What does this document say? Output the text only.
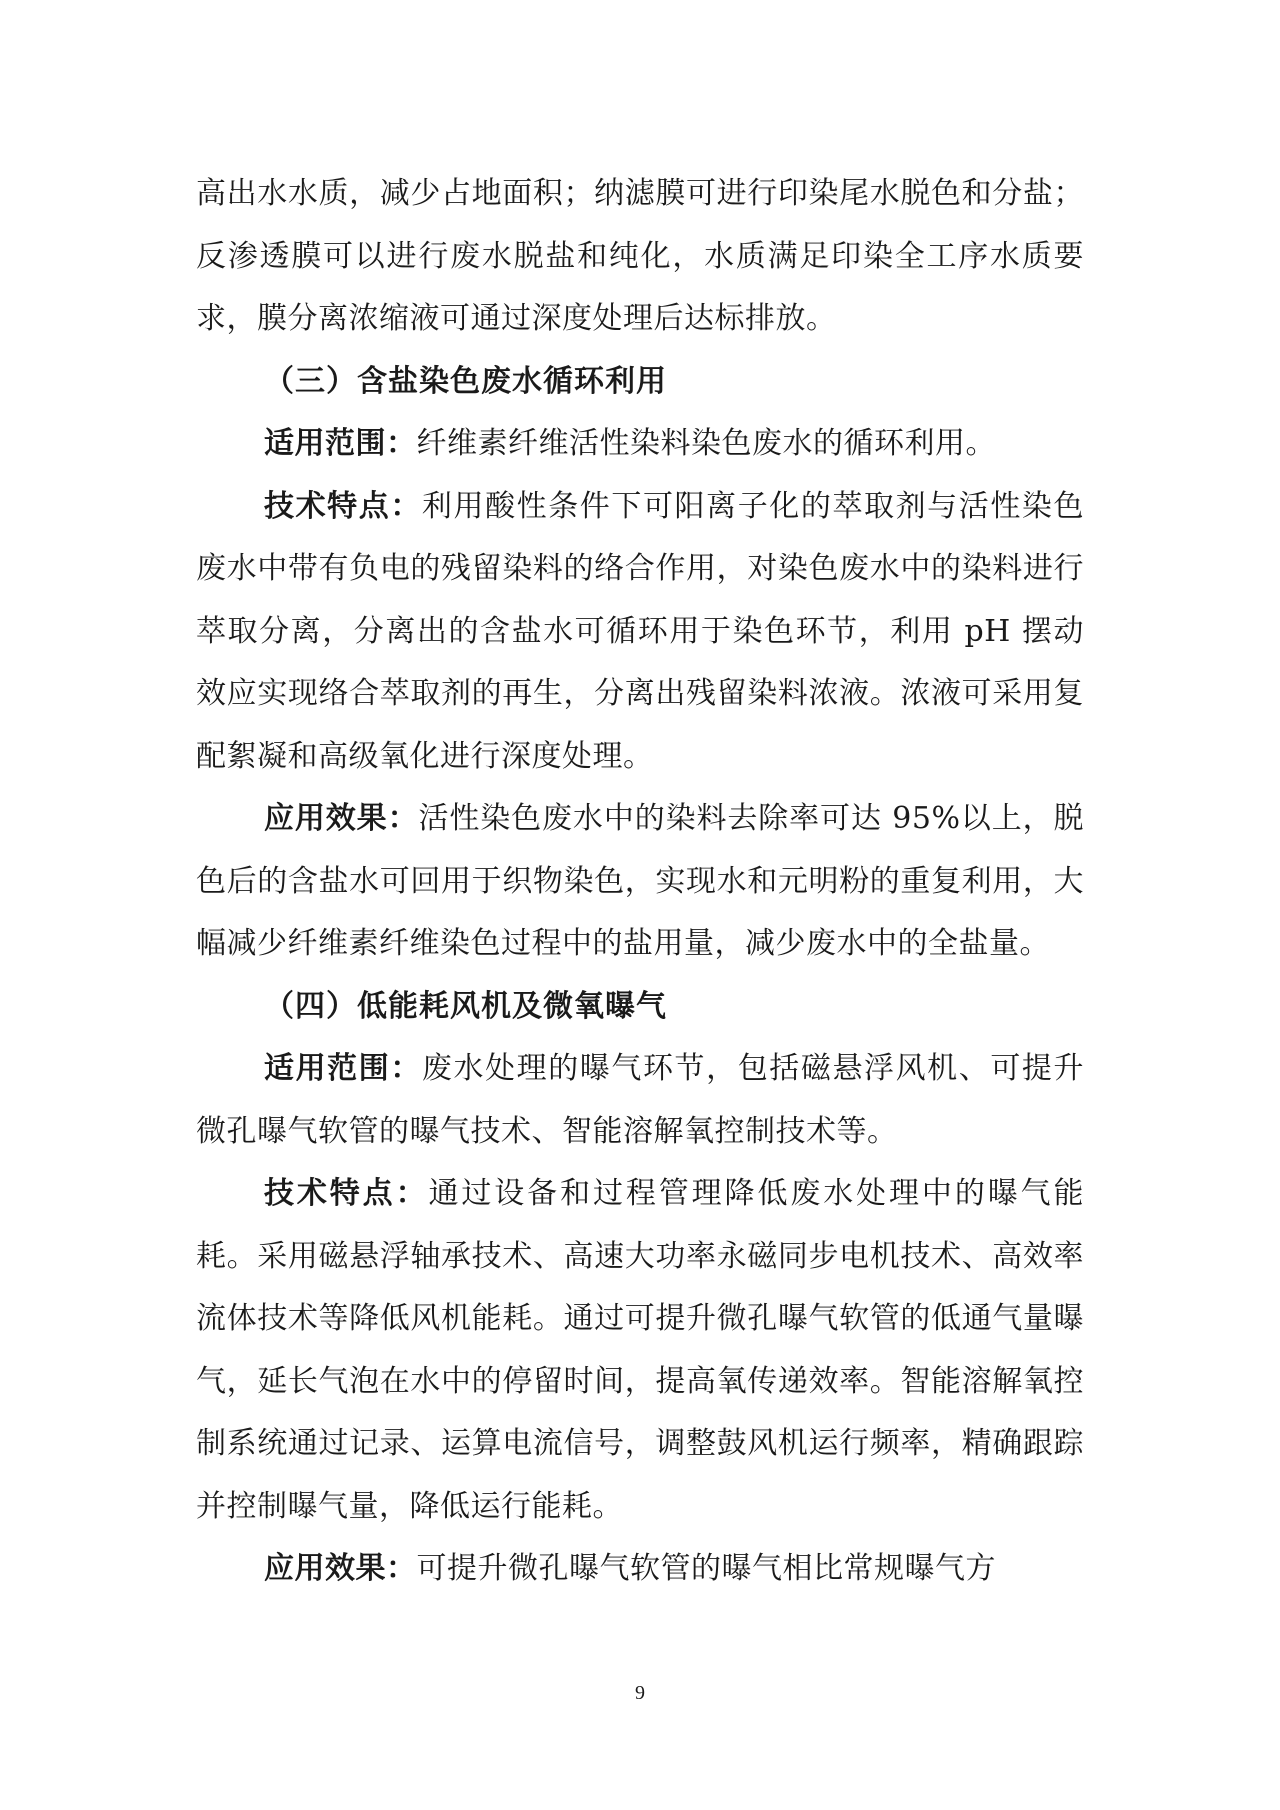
高出水水质，减少占地面积；纳滤膜可进行印染尾水脱色和分盐；反渗透膜可以进行废水脱盐和纯化，水质满足印染全工序水质要求，膜分离浓缩液可通过深度处理后达标排放。

（三）含盐染色废水循环利用

适用范围：纤维素纤维活性染料染色废水的循环利用。

技术特点：利用酸性条件下可阳离子化的萃取剂与活性染色废水中带有负电的残留染料的络合作用，对染色废水中的染料进行萃取分离，分离出的含盐水可循环用于染色环节，利用 pH 摆动效应实现络合萃取剂的再生，分离出残留染料浓液。浓液可采用复配絮凝和高级氧化进行深度处理。

应用效果：活性染色废水中的染料去除率可达 95%以上，脱色后的含盐水可回用于织物染色，实现水和元明粉的重复利用，大幅减少纤维素纤维染色过程中的盐用量，减少废水中的全盐量。

（四）低能耗风机及微氧曝气

适用范围：废水处理的曝气环节，包括磁悬浮风机、可提升微孔曝气软管的曝气技术、智能溶解氧控制技术等。

技术特点：通过设备和过程管理降低废水处理中的曝气能耗。采用磁悬浮轴承技术、高速大功率永磁同步电机技术、高效率流体技术等降低风机能耗。通过可提升微孔曝气软管的低通气量曝气，延长气泡在水中的停留时间，提高氧传递效率。智能溶解氧控制系统通过记录、运算电流信号，调整鼓风机运行频率，精确跟踪并控制曝气量，降低运行能耗。

应用效果：可提升微孔曝气软管的曝气相比常规曝气方

9
